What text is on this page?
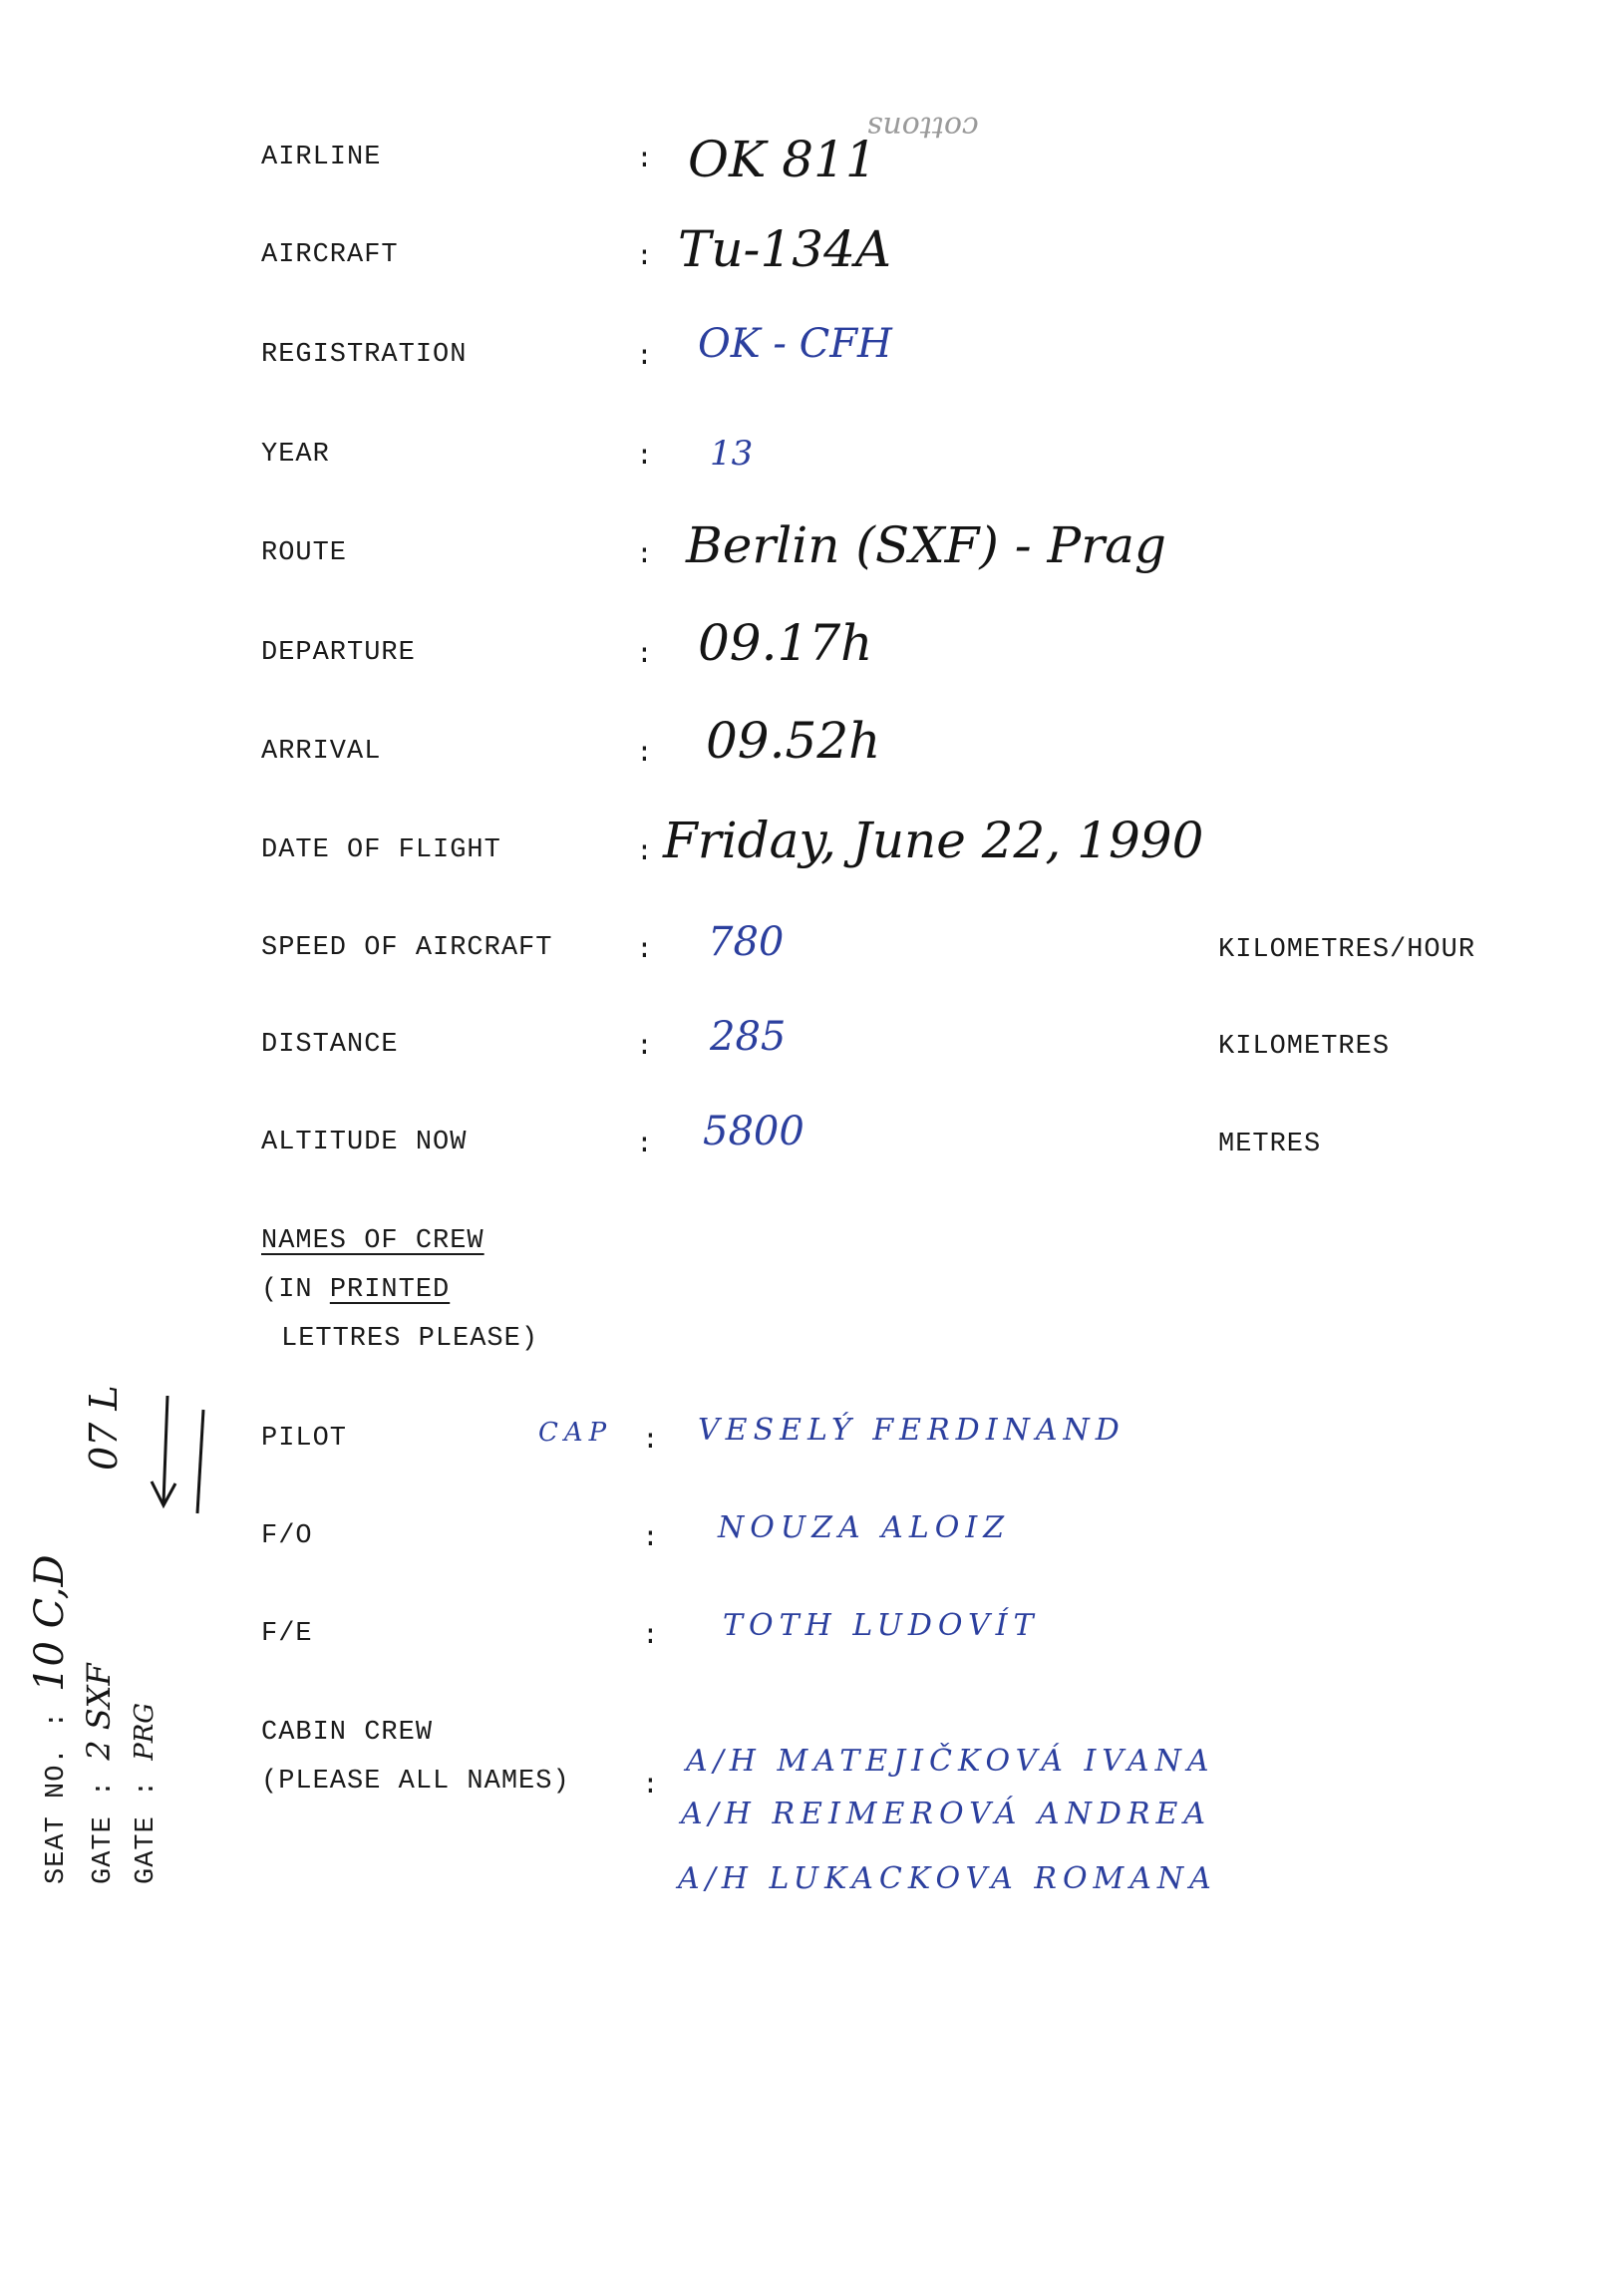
cottons
AIRLINE	: OK 811
AIRCRAFT	: Tu-134A
REGISTRATION	: OK - CFH
YEAR	: 13
ROUTE	: Berlin (SXF) - Prag
DEPARTURE	: 09.17h
ARRIVAL	: 09.52h
DATE OF FLIGHT	: Friday, June 22, 1990
SPEED OF AIRCRAFT	: 780	KILOMETRES/HOUR
DISTANCE	: 285	KILOMETRES
ALTITUDE NOW	: 5800	METRES
NAMES OF CREW
(IN PRINTED
LETTRES PLEASE)
PILOT	CAP : VESELÝ FERDINAND
F/O	: NOUZA ALOIZ
F/E	: TOTH LUDOVÍT
CABIN CREW
(PLEASE ALL NAMES)	:
A/H MATEJIČKOVÁ IVANA
A/H REIMEROVÁ ANDREA
A/H LUKACKOVA ROMANA
SEAT NO. : 10 C,D
GATE : 2 SXF
GATE : PRG
07 L
